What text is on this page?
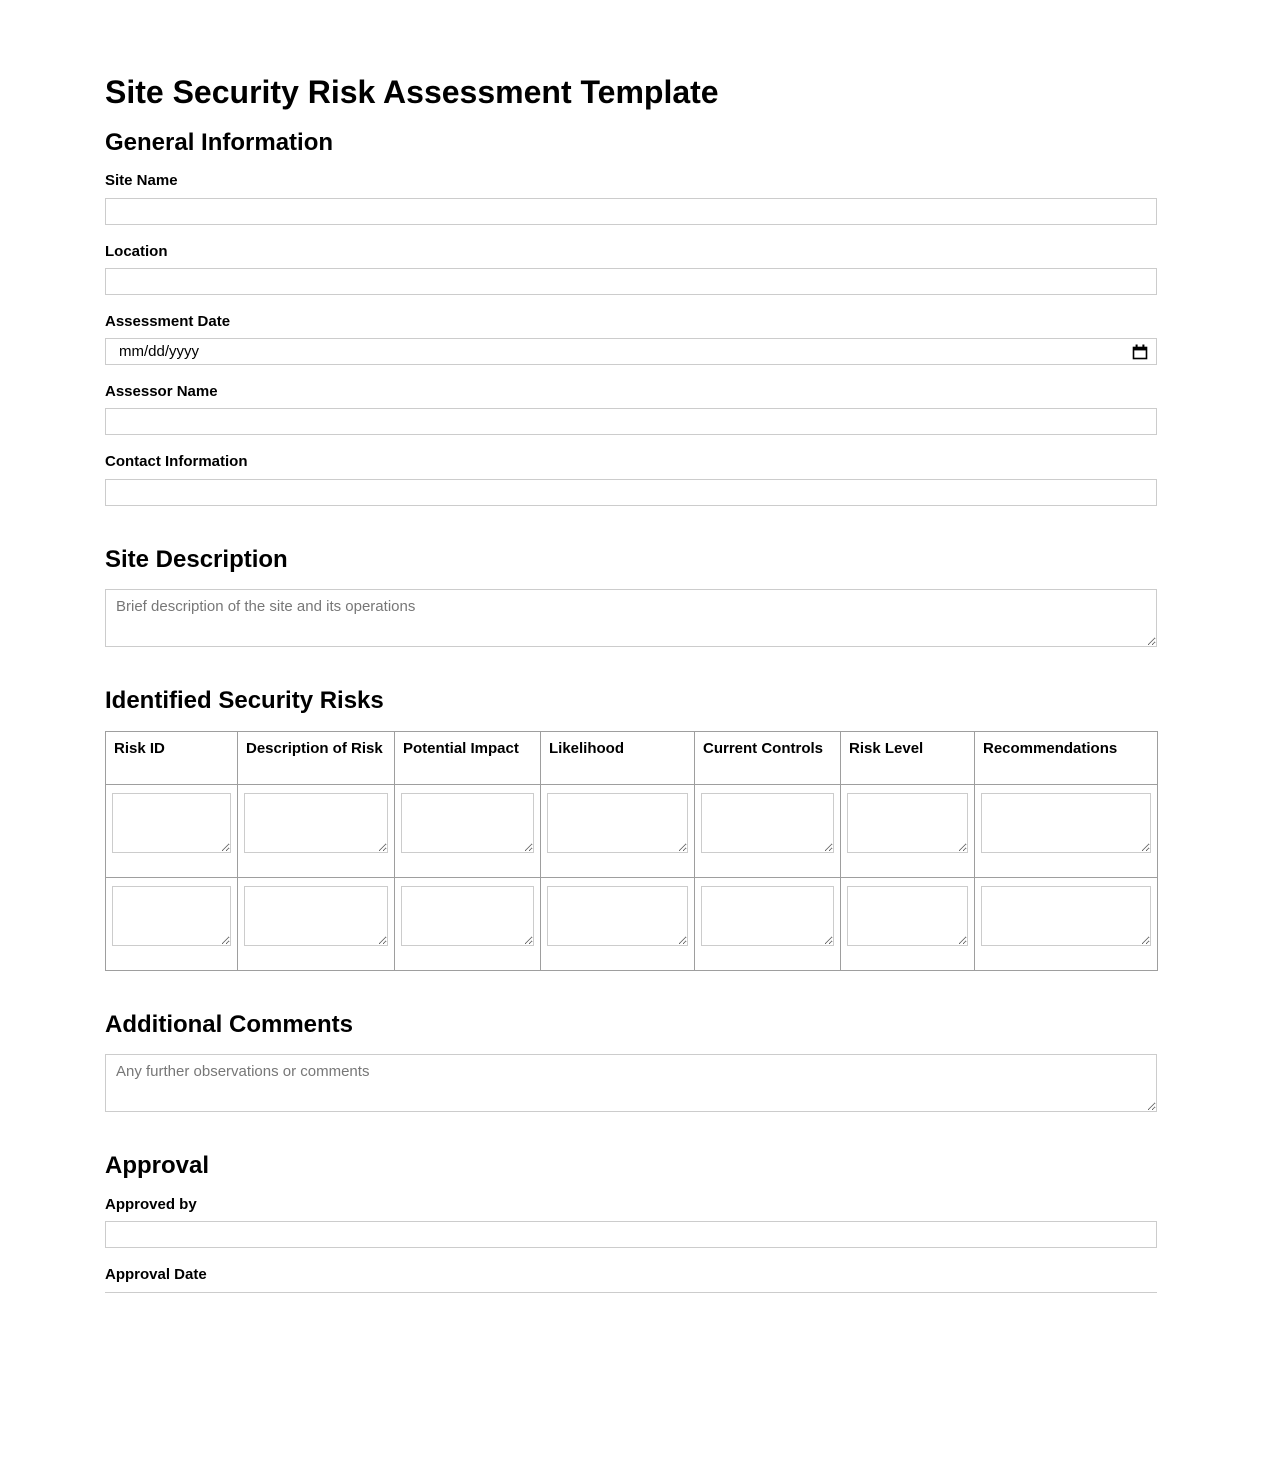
Site Security Risk Assessment Template
General Information
Site Name
Location
Assessment Date
mm/dd/yyyy
Assessor Name
Contact Information
Site Description
Brief description of the site and its operations
Identified Security Risks
Risk ID	Description of Risk	Potential Impact	Likelihood	Current Controls	Risk Level	Recommendations

Additional Comments
Any further observations or comments
Approval
Approved by
Approval Date
